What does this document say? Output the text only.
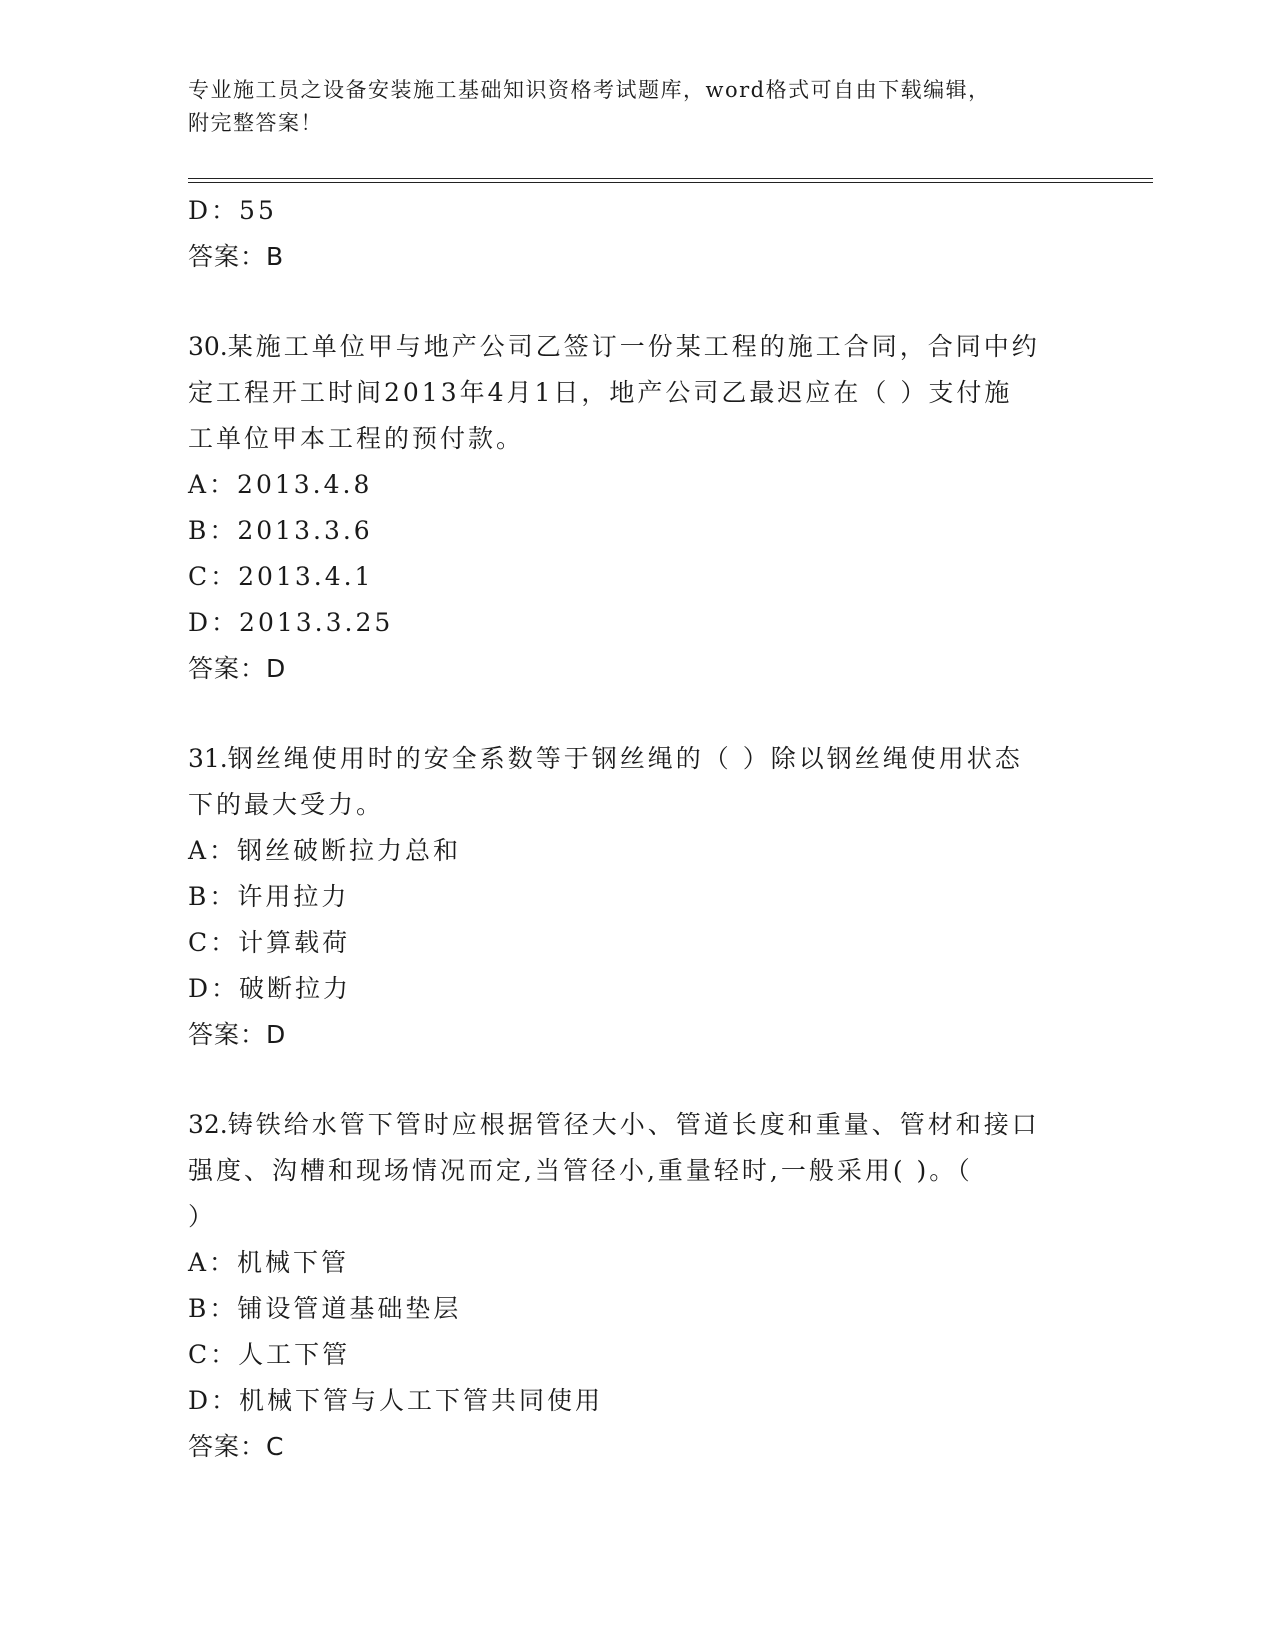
专业施工员之设备安装施工基础知识资格考试题库，word格式可自由下载编辑，
附完整答案！
D：55
答案：B
30.某施工单位甲与地产公司乙签订一份某工程的施工合同，合同中约
定工程开工时间2013年4月1日，地产公司乙最迟应在（ ）支付施
工单位甲本工程的预付款。
A：2013.4.8
B：2013.3.6
C：2013.4.1
D：2013.3.25
答案：D
31.钢丝绳使用时的安全系数等于钢丝绳的（ ）除以钢丝绳使用状态
下的最大受力。
A：钢丝破断拉力总和
B：许用拉力
C：计算载荷
D：破断拉力
答案：D
32.铸铁给水管下管时应根据管径大小、管道长度和重量、管材和接口
强度、沟槽和现场情况而定,当管径小,重量轻时,一般采用( )。（
）
A：机械下管
B：铺设管道基础垫层
C：人工下管
D：机械下管与人工下管共同使用
答案：C
